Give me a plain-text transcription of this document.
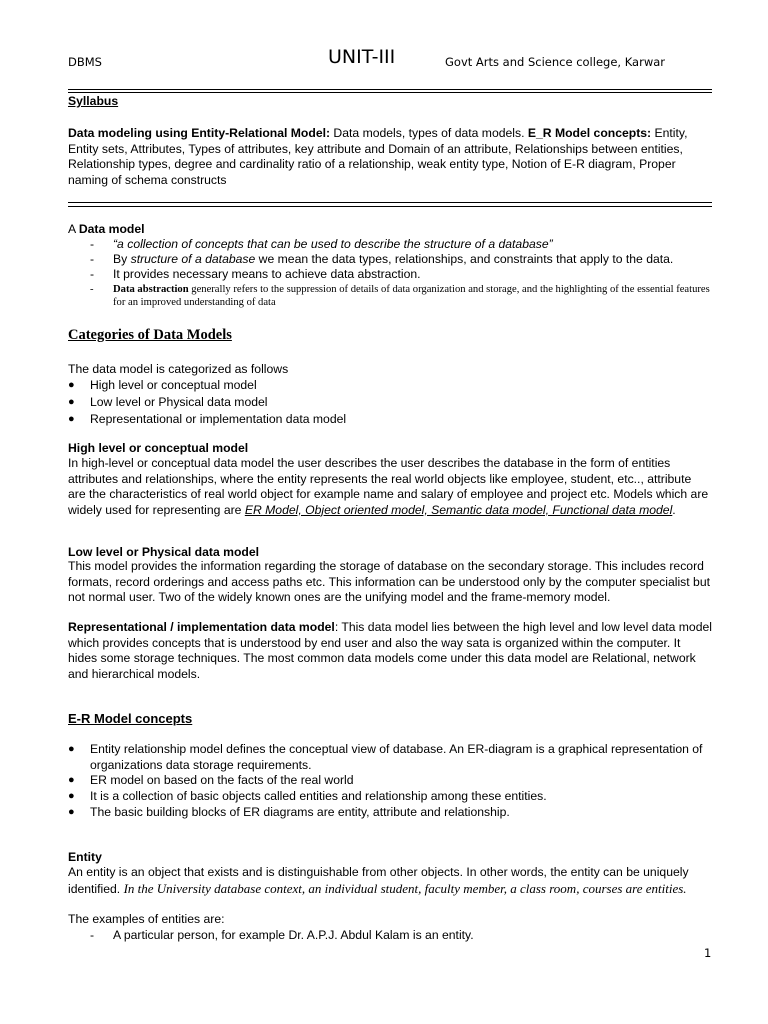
DBMS	UNIT-III	Govt Arts and Science college, Karwar
Syllabus
Data modeling using Entity-Relational Model: Data models, types of data models. E_R Model concepts: Entity, Entity sets, Attributes, Types of attributes, key attribute and Domain of an attribute, Relationships between entities, Relationship types, degree and cardinality ratio of a relationship, weak entity type, Notion of E-R diagram, Proper naming of schema constructs
A Data model
- “a collection of concepts that can be used to describe the structure of a database”
- By structure of a database we mean the data types, relationships, and constraints that apply to the data.
- It provides necessary means to achieve data abstraction.
- Data abstraction generally refers to the suppression of details of data organization and storage, and the highlighting of the essential features for an improved understanding of data
Categories of Data Models
The data model is categorized as follows
● High level or conceptual model
● Low level or Physical data model
● Representational or implementation data model
High level or conceptual model
In high-level or conceptual data model the user describes the user describes the database in the form of entities attributes and relationships, where the entity represents the real world objects like employee, student, etc.., attribute are the characteristics of real world object for example name and salary of employee and project etc. Models which are widely used for representing are ER Model, Object oriented model, Semantic data model, Functional data model.
Low level or Physical data model
This model provides the information regarding the storage of database on the secondary storage. This includes record formats, record orderings and access paths etc. This information can be understood only by the computer specialist but not normal user. Two of the widely known ones are the unifying model and the frame-memory model.
Representational / implementation data model: This data model lies between the high level and low level data model which provides concepts that is understood by end user and also the way sata is organized within the computer. It hides some storage techniques. The most common data models come under this data model are Relational, network and hierarchical models.
E-R Model concepts
● Entity relationship model defines the conceptual view of database. An ER-diagram is a graphical representation of organizations data storage requirements.
● ER model on based on the facts of the real world
● It is a collection of basic objects called entities and relationship among these entities.
● The basic building blocks of ER diagrams are entity, attribute and relationship.
Entity
An entity is an object that exists and is distinguishable from other objects. In other words, the entity can be uniquely identified. In the University database context, an individual student, faculty member, a class room, courses are entities.
The examples of entities are:
- A particular person, for example Dr. A.P.J. Abdul Kalam is an entity.
1
